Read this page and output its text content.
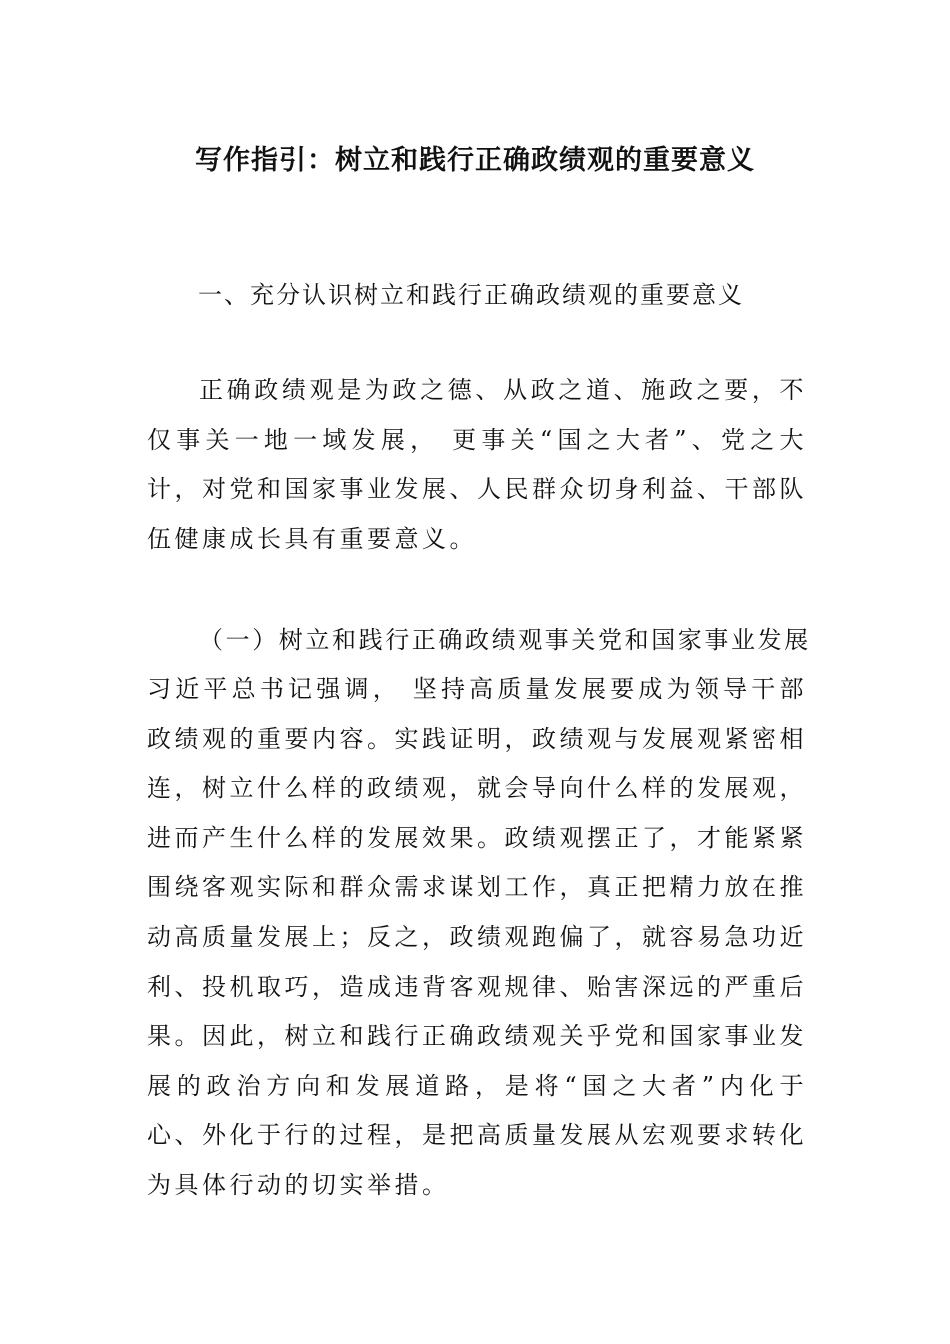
写作指引：树立和践行正确政绩观的重要意义
一、充分认识树立和践行正确政绩观的重要意义

正确政绩观是为政之德、从政之道、施政之要，不仅事关一地一域发展， 更事关“国之大者”、党之大计，对党和国家事业发展、人民群众切身利益、干部队伍健康成长具有重要意义。

（一）树立和践行正确政绩观事关党和国家事业发展

习近平总书记强调， 坚持高质量发展要成为领导干部政绩观的重要内容。实践证明，政绩观与发展观紧密相连，树立什么样的政绩观，就会导向什么样的发展观，进而产生什么样的发展效果。政绩观摆正了，才能紧紧围绕客观实际和群众需求谋划工作，真正把精力放在推动高质量发展上；反之，政绩观跑偏了，就容易急功近利、投机取巧，造成违背客观规律、贻害深远的严重后果。因此，树立和践行正确政绩观关乎党和国家事业发展的政治方向和发展道路，是将“国之大者”内化于心、外化于行的过程，是把高质量发展从宏观要求转化为具体行动的切实举措。
